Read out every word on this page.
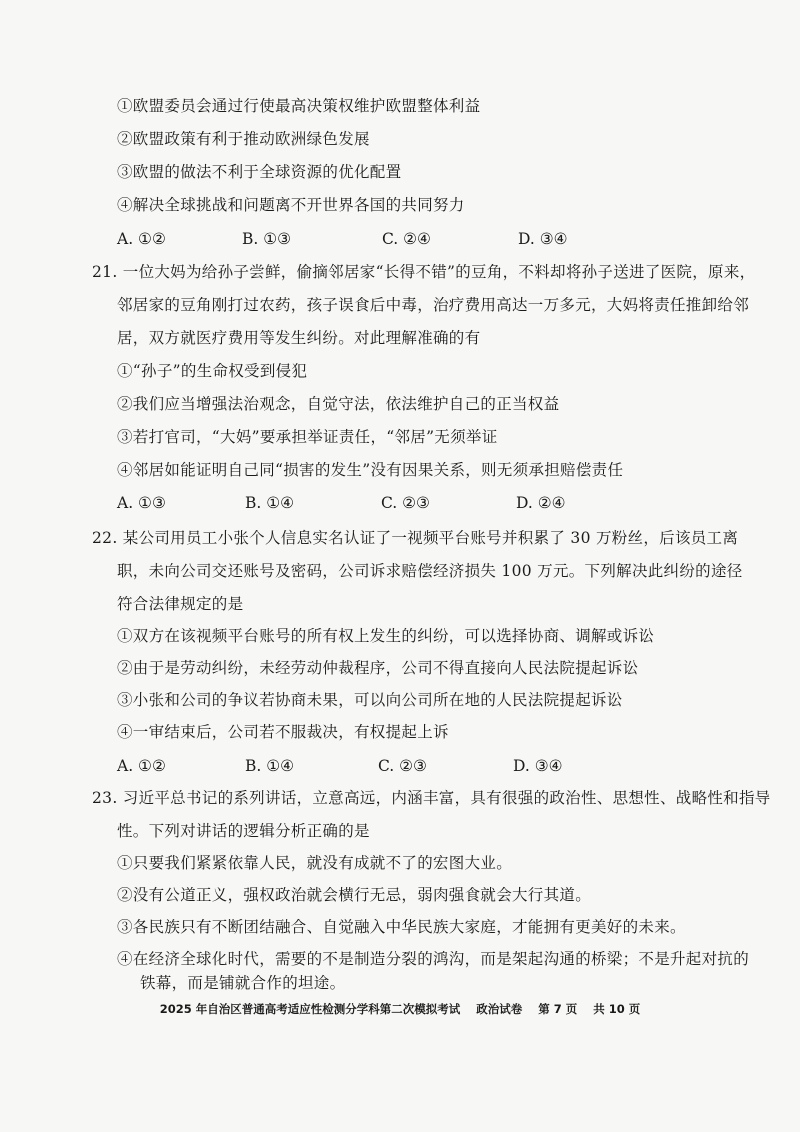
①欧盟委员会通过行使最高决策权维护欧盟整体利益
②欧盟政策有利于推动欧洲绿色发展
③欧盟的做法不利于全球资源的优化配置
④解决全球挑战和问题离不开世界各国的共同努力
A. ①②	B. ①③	C. ②④	D. ③④
21. 一位大妈为给孙子尝鲜，偷摘邻居家“长得不错”的豆角，不料却将孙子送进了医院，原来，
邻居家的豆角刚打过农药，孩子误食后中毒，治疗费用高达一万多元，大妈将责任推卸给邻
居，双方就医疗费用等发生纠纷。对此理解准确的有
①“孙子”的生命权受到侵犯
②我们应当增强法治观念，自觉守法，依法维护自己的正当权益
③若打官司，“大妈”要承担举证责任，“邻居”无须举证
④邻居如能证明自己同“损害的发生”没有因果关系，则无须承担赔偿责任
A. ①③	B. ①④	C. ②③	D. ②④
22. 某公司用员工小张个人信息实名认证了一视频平台账号并积累了 30 万粉丝，后该员工离
职，未向公司交还账号及密码，公司诉求赔偿经济损失 100 万元。下列解决此纠纷的途径
符合法律规定的是
①双方在该视频平台账号的所有权上发生的纠纷，可以选择协商、调解或诉讼
②由于是劳动纠纷，未经劳动仲裁程序，公司不得直接向人民法院提起诉讼
③小张和公司的争议若协商未果，可以向公司所在地的人民法院提起诉讼
④一审结束后，公司若不服裁决，有权提起上诉
A. ①②	B. ①④	C. ②③	D. ③④
23. 习近平总书记的系列讲话，立意高远，内涵丰富，具有很强的政治性、思想性、战略性和指导
性。下列对讲话的逻辑分析正确的是
①只要我们紧紧依靠人民，就没有成就不了的宏图大业。
②没有公道正义，强权政治就会横行无忌，弱肉强食就会大行其道。
③各民族只有不断团结融合、自觉融入中华民族大家庭，才能拥有更美好的未来。
④在经济全球化时代，需要的不是制造分裂的鸿沟，而是架起沟通的桥梁；不是升起对抗的
铁幕，而是铺就合作的坦途。
2025 年自治区普通高考适应性检测分学科第二次模拟考试 政治试卷 第 7 页 共 10 页
